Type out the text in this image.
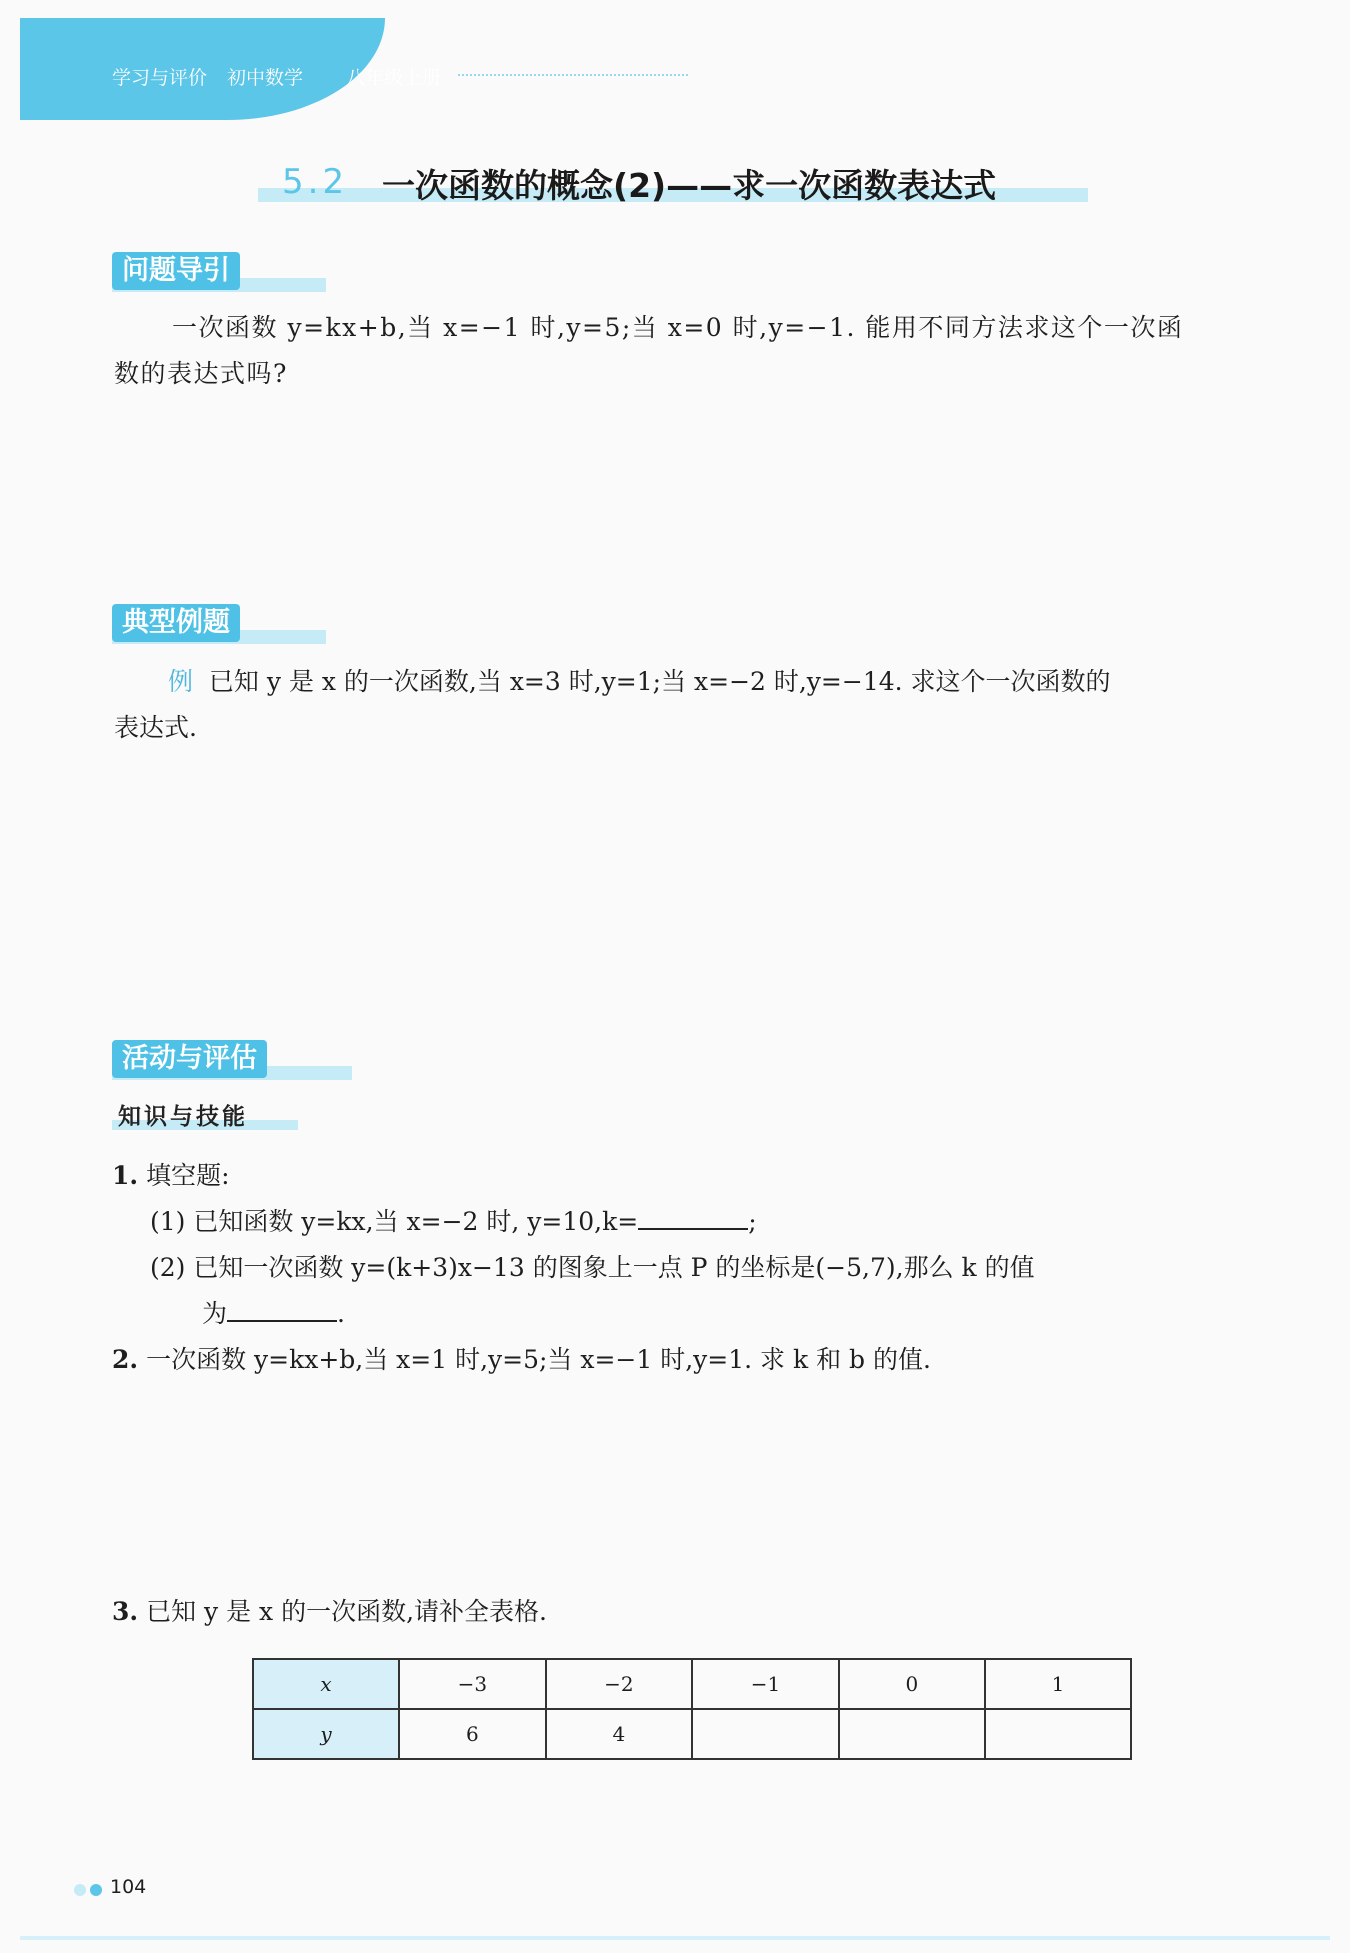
学习与评价 初中数学	八年级上册
5.2 一次函数的概念(2)——求一次函数表达式
问题导引
一次函数 y=kx+b,当 x=−1 时,y=5;当 x=0 时,y=−1. 能用不同方法求这个一次函
数的表达式吗?
典型例题
例 已知 y 是 x 的一次函数,当 x=3 时,y=1;当 x=−2 时,y=−14. 求这个一次函数的
表达式.
活动与评估
知识与技能
1. 填空题:
(1) 已知函数 y=kx,当 x=−2 时, y=10,k=	;
(2) 已知一次函数 y=(k+3)x−13 的图象上一点 P 的坐标是(−5,7),那么 k 的值
为	.
2. 一次函数 y=kx+b,当 x=1 时,y=5;当 x=−1 时,y=1. 求 k 和 b 的值.
3. 已知 y 是 x 的一次函数,请补全表格.
x	−3	−2	−1	0	1
y	6	4			
104
